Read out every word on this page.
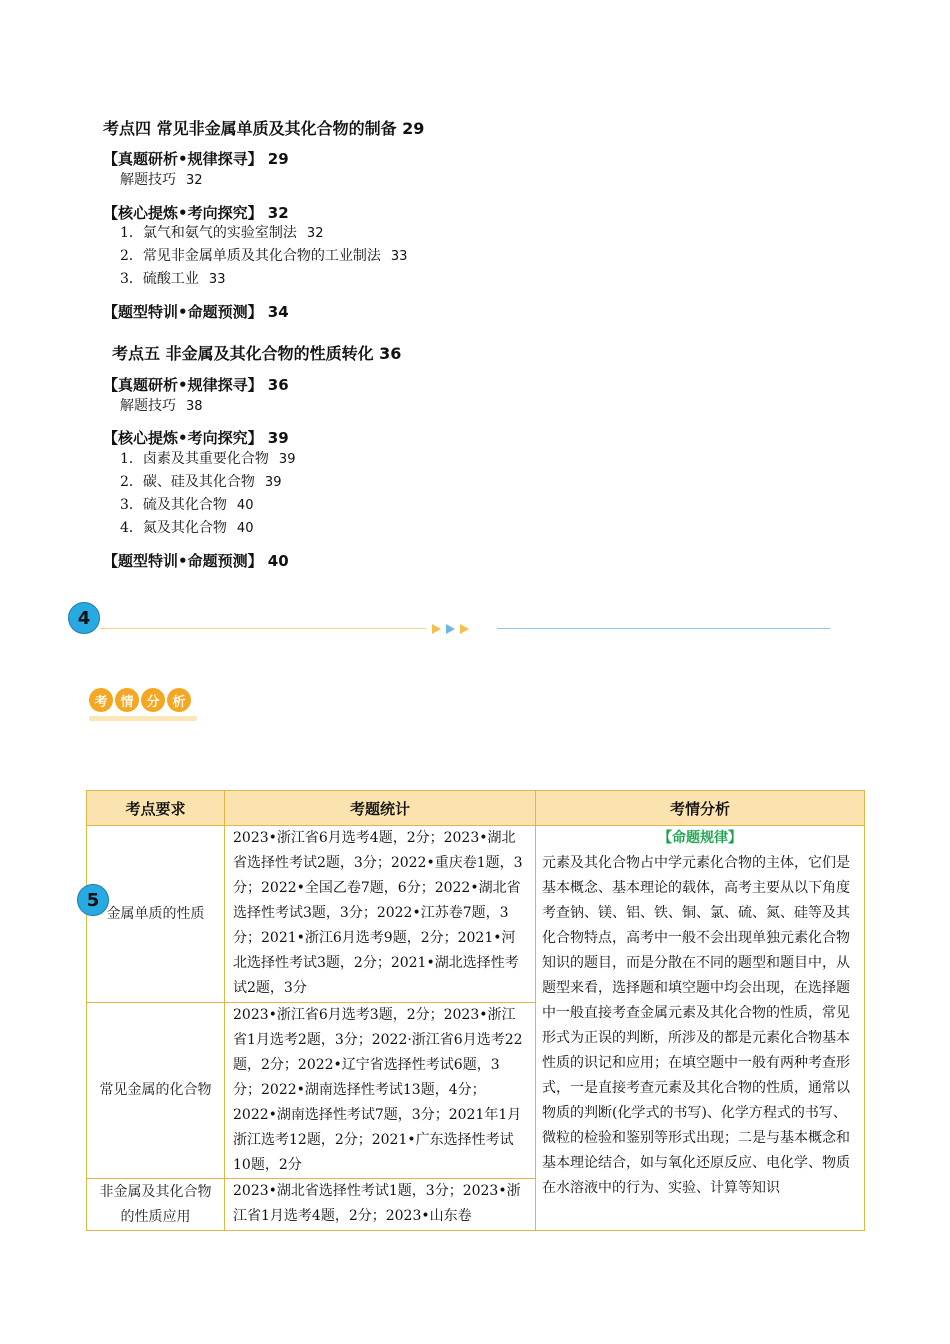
考点四 常见非金属单质及其化合物的制备 29
【真题研析•规律探寻】 29
解题技巧 32
【核心提炼•考向探究】 32
1．氯气和氨气的实验室制法 32
2．常见非金属单质及其化合物的工业制法 33
3．硫酸工业 33
【题型特训•命题预测】 34
考点五 非金属及其化合物的性质转化 36
【真题研析•规律探寻】 36
解题技巧 38
【核心提炼•考向探究】 39
1．卤素及其重要化合物 39
2．碳、硅及其化合物 39
3．硫及其化合物 40
4．氮及其化合物 40
【题型特训•命题预测】 40
4
考 情 分 析
考点要求	考题统计	考情分析
金属单质的性质	2023•浙江省6月选考4题，2分；2023•湖北省选择性考试2题，3分；2022•重庆卷1题，3分；2022•全国乙卷7题，6分；2022•湖北省选择性考试3题，3分；2022•江苏卷7题，3分；2021•浙江6月选考9题，2分；2021•河北选择性考试3题，2分；2021•湖北选择性考试2题，3分	【命题规律】
元素及其化合物占中学元素化合物的主体，它们是基本概念、基本理论的载体，高考主要从以下角度考查钠、镁、铝、铁、铜、氯、硫、氮、硅等及其化合物特点，高考中一般不会出现单独元素化合物知识的题目，而是分散在不同的题型和题目中，从题型来看，选择题和填空题中均会出现，在选择题中一般直接考查金属元素及其化合物的性质，常见形式为正误的判断，所涉及的都是元素化合物基本性质的识记和应用；在填空题中一般有两种考查形式，一是直接考查元素及其化合物的性质，通常以物质的判断(化学式的书写)、化学方程式的书写、微粒的检验和鉴别等形式出现；二是与基本概念和基本理论结合，如与氧化还原反应、电化学、物质在水溶液中的行为、实验、计算等知识

常见金属的化合物	2023•浙江省6月选考3题，2分；2023•浙江省1月选考2题，3分；2022·浙江省6月选考22题，2分；2022•辽宁省选择性考试6题，3分；2022•湖南选择性考试13题，4分；2022•湖南选择性考试7题，3分；2021年1月浙江选考12题，2分；2021•广东选择性考试10题，2分	
非金属及其化合物的性质应用	2023•湖北省选择性考试1题，3分；2023•浙江省1月选考4题，2分；2023•山东卷	
5
